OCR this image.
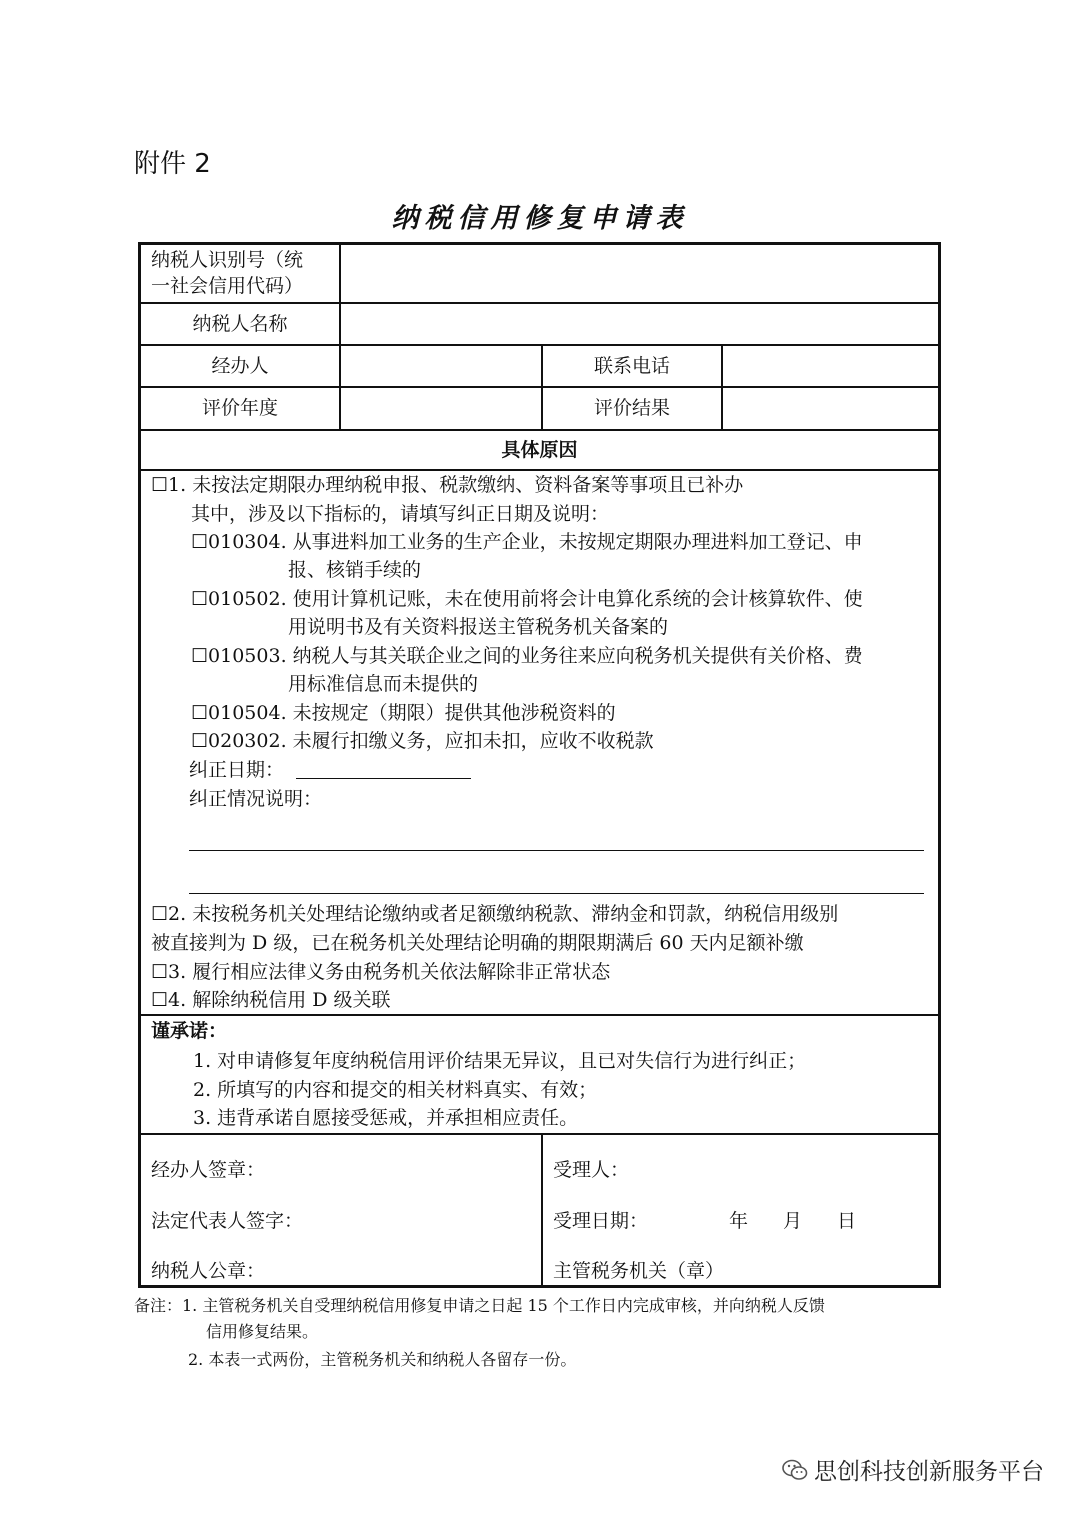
附件 2
纳税信用修复申请表
纳税人识别号（统
一社会信用代码）
纳税人名称
经办人	联系电话
评价年度	评价结果
具体原因
☐1. 未按法定期限办理纳税申报、税款缴纳、资料备案等事项且已补办
其中，涉及以下指标的，请填写纠正日期及说明：
☐010304. 从事进料加工业务的生产企业，未按规定期限办理进料加工登记、申
报、核销手续的
☐010502. 使用计算机记账，未在使用前将会计电算化系统的会计核算软件、使
用说明书及有关资料报送主管税务机关备案的
☐010503. 纳税人与其关联企业之间的业务往来应向税务机关提供有关价格、费
用标准信息而未提供的
☐010504. 未按规定（期限）提供其他涉税资料的
☐020302. 未履行扣缴义务，应扣未扣，应收不收税款
纠正日期：
纠正情况说明：
☐2. 未按税务机关处理结论缴纳或者足额缴纳税款、滞纳金和罚款，纳税信用级别
被直接判为 D 级，已在税务机关处理结论明确的期限期满后 60 天内足额补缴
☐3. 履行相应法律义务由税务机关依法解除非正常状态
☐4. 解除纳税信用 D 级关联
谨承诺：
1. 对申请修复年度纳税信用评价结果无异议，且已对失信行为进行纠正；
2. 所填写的内容和提交的相关材料真实、有效；
3. 违背承诺自愿接受惩戒，并承担相应责任。
经办人签章：
法定代表人签字：
纳税人公章：
受理人：
受理日期：	年 月 日
主管税务机关（章）
备注：1. 主管税务机关自受理纳税信用修复申请之日起 15 个工作日内完成审核，并向纳税人反馈
信用修复结果。
2. 本表一式两份，主管税务机关和纳税人各留存一份。
思创科技创新服务平台
